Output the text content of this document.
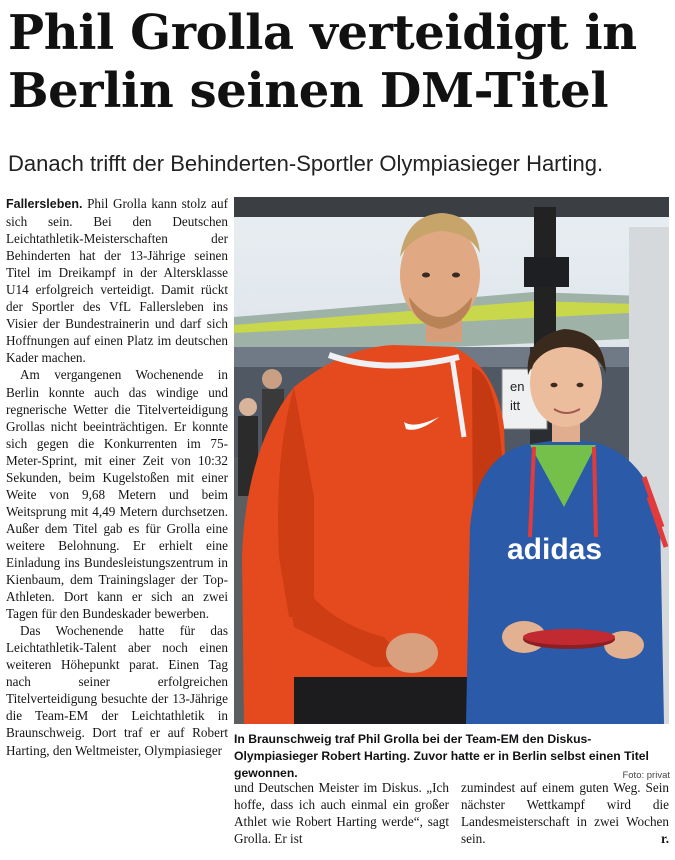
Phil Grolla verteidigt in Berlin seinen DM-Titel
Danach trifft der Behinderten-Sportler Olympiasieger Harting.

Fallersleben. Phil Grolla kann stolz auf sich sein. Bei den Deutschen Leichtathletik-Meisterschaften der Behinderten hat der 13-Jährige seinen Titel im Dreikampf in der Altersklasse U14 erfolgreich verteidigt. Damit rückt der Sportler des VfL Fallersleben ins Visier der Bundestrainerin und darf sich Hoffnungen auf einen Platz im deutschen Kader machen.

Am vergangenen Wochenende in Berlin konnte auch das windige und regnerische Wetter die Titelverteidigung Grollas nicht beeinträchtigen. Er konnte sich gegen die Konkurrenten im 75-Meter-Sprint, mit einer Zeit von 10:32 Sekunden, beim Kugelstoßen mit einer Weite von 9,68 Metern und beim Weitsprung mit 4,49 Metern durchsetzen. Außer dem Titel gab es für Grolla eine weitere Belohnung. Er erhielt eine Einladung ins Bundesleistungszentrum in Kienbaum, dem Trainingslager der Top-Athleten. Dort kann er sich an zwei Tagen für den Bundeskader bewerben.

Das Wochenende hatte für das Leichtathletik-Talent aber noch einen weiteren Höhepunkt parat. Einen Tag nach seiner erfolgreichen Titelverteidigung besuchte der 13-Jährige die Team-EM der Leichtathletik in Braunschweig. Dort traf er auf Robert Harting, den Weltmeister, Olympiasieger

en
itt
adidas
In Braunschweig traf Phil Grolla bei der Team-EM den Diskus-Olympiasieger Robert Harting. Zuvor hatte er in Berlin selbst einen Titel gewonnen.	Foto: privat

und Deutschen Meister im Diskus. „Ich hoffe, dass ich auch einmal ein großer Athlet wie Robert Harting werde“, sagt Grolla. Er ist

zumindest auf einem guten Weg. Sein nächster Wettkampf wird die Landesmeisterschaft in zwei Wochen sein.	r.
